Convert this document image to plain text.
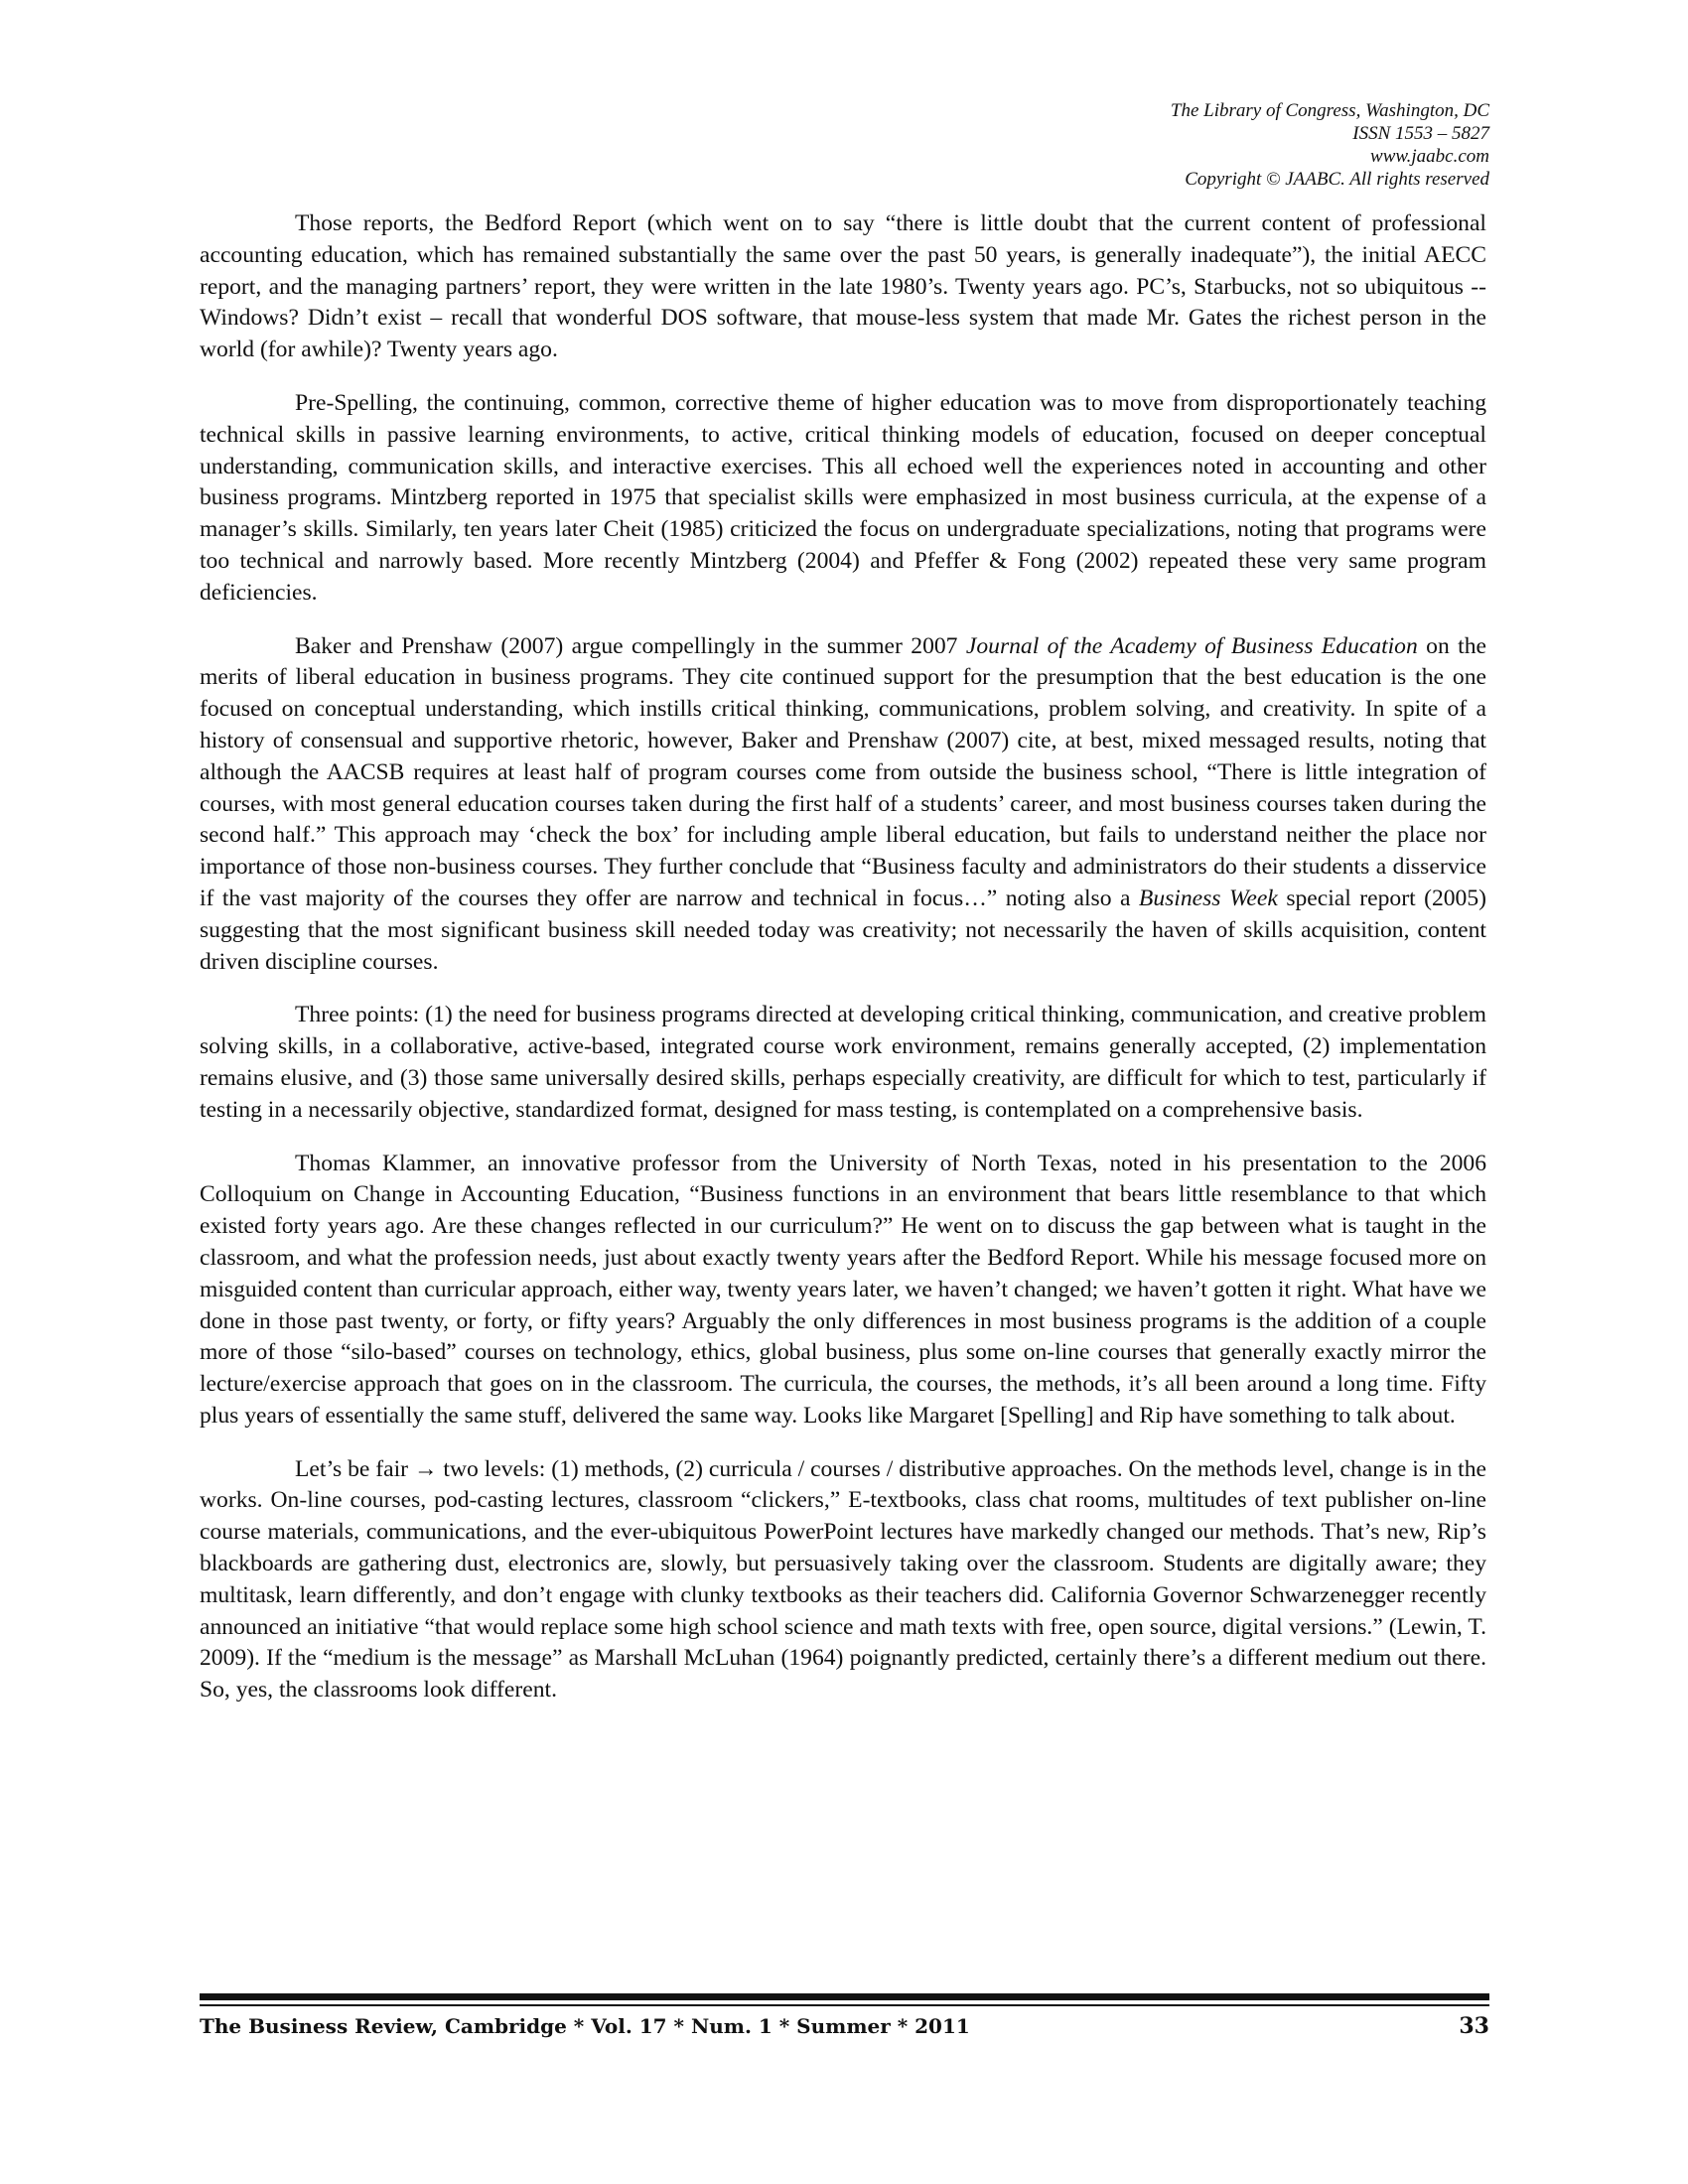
The Library of Congress, Washington, DC
ISSN 1553 – 5827
www.jaabc.com
Copyright © JAABC. All rights reserved

Those reports, the Bedford Report (which went on to say “there is little doubt that the current content of professional accounting education, which has remained substantially the same over the past 50 years, is generally inadequate”), the initial AECC report, and the managing partners’ report, they were written in the late 1980’s. Twenty years ago. PC’s, Starbucks, not so ubiquitous -- Windows? Didn’t exist – recall that wonderful DOS software, that mouse-less system that made Mr. Gates the richest person in the world (for awhile)? Twenty years ago.

Pre-Spelling, the continuing, common, corrective theme of higher education was to move from disproportionately teaching technical skills in passive learning environments, to active, critical thinking models of education, focused on deeper conceptual understanding, communication skills, and interactive exercises. This all echoed well the experiences noted in accounting and other business programs. Mintzberg reported in 1975 that specialist skills were emphasized in most business curricula, at the expense of a manager’s skills. Similarly, ten years later Cheit (1985) criticized the focus on undergraduate specializations, noting that programs were too technical and narrowly based. More recently Mintzberg (2004) and Pfeffer & Fong (2002) repeated these very same program deficiencies.

Baker and Prenshaw (2007) argue compellingly in the summer 2007 Journal of the Academy of Business Education on the merits of liberal education in business programs. They cite continued support for the presumption that the best education is the one focused on conceptual understanding, which instills critical thinking, communications, problem solving, and creativity. In spite of a history of consensual and supportive rhetoric, however, Baker and Prenshaw (2007) cite, at best, mixed messaged results, noting that although the AACSB requires at least half of program courses come from outside the business school, “There is little integration of courses, with most general education courses taken during the first half of a students’ career, and most business courses taken during the second half.” This approach may ‘check the box’ for including ample liberal education, but fails to understand neither the place nor importance of those non-business courses. They further conclude that “Business faculty and administrators do their students a disservice if the vast majority of the courses they offer are narrow and technical in focus…” noting also a Business Week special report (2005) suggesting that the most significant business skill needed today was creativity; not necessarily the haven of skills acquisition, content driven discipline courses.

Three points: (1) the need for business programs directed at developing critical thinking, communication, and creative problem solving skills, in a collaborative, active-based, integrated course work environment, remains generally accepted, (2) implementation remains elusive, and (3) those same universally desired skills, perhaps especially creativity, are difficult for which to test, particularly if testing in a necessarily objective, standardized format, designed for mass testing, is contemplated on a comprehensive basis.

Thomas Klammer, an innovative professor from the University of North Texas, noted in his presentation to the 2006 Colloquium on Change in Accounting Education, “Business functions in an environment that bears little resemblance to that which existed forty years ago. Are these changes reflected in our curriculum?” He went on to discuss the gap between what is taught in the classroom, and what the profession needs, just about exactly twenty years after the Bedford Report. While his message focused more on misguided content than curricular approach, either way, twenty years later, we haven’t changed; we haven’t gotten it right. What have we done in those past twenty, or forty, or fifty years? Arguably the only differences in most business programs is the addition of a couple more of those “silo-based” courses on technology, ethics, global business, plus some on-line courses that generally exactly mirror the lecture/exercise approach that goes on in the classroom. The curricula, the courses, the methods, it’s all been around a long time. Fifty plus years of essentially the same stuff, delivered the same way. Looks like Margaret [Spelling] and Rip have something to talk about.

Let’s be fair → two levels: (1) methods, (2) curricula / courses / distributive approaches. On the methods level, change is in the works. On-line courses, pod-casting lectures, classroom “clickers,” E-textbooks, class chat rooms, multitudes of text publisher on-line course materials, communications, and the ever-ubiquitous PowerPoint lectures have markedly changed our methods. That’s new, Rip’s blackboards are gathering dust, electronics are, slowly, but persuasively taking over the classroom. Students are digitally aware; they multitask, learn differently, and don’t engage with clunky textbooks as their teachers did. California Governor Schwarzenegger recently announced an initiative “that would replace some high school science and math texts with free, open source, digital versions.” (Lewin, T. 2009). If the “medium is the message” as Marshall McLuhan (1964) poignantly predicted, certainly there’s a different medium out there. So, yes, the classrooms look different.

The Business Review, Cambridge * Vol. 17 * Num. 1 * Summer * 2011	33
